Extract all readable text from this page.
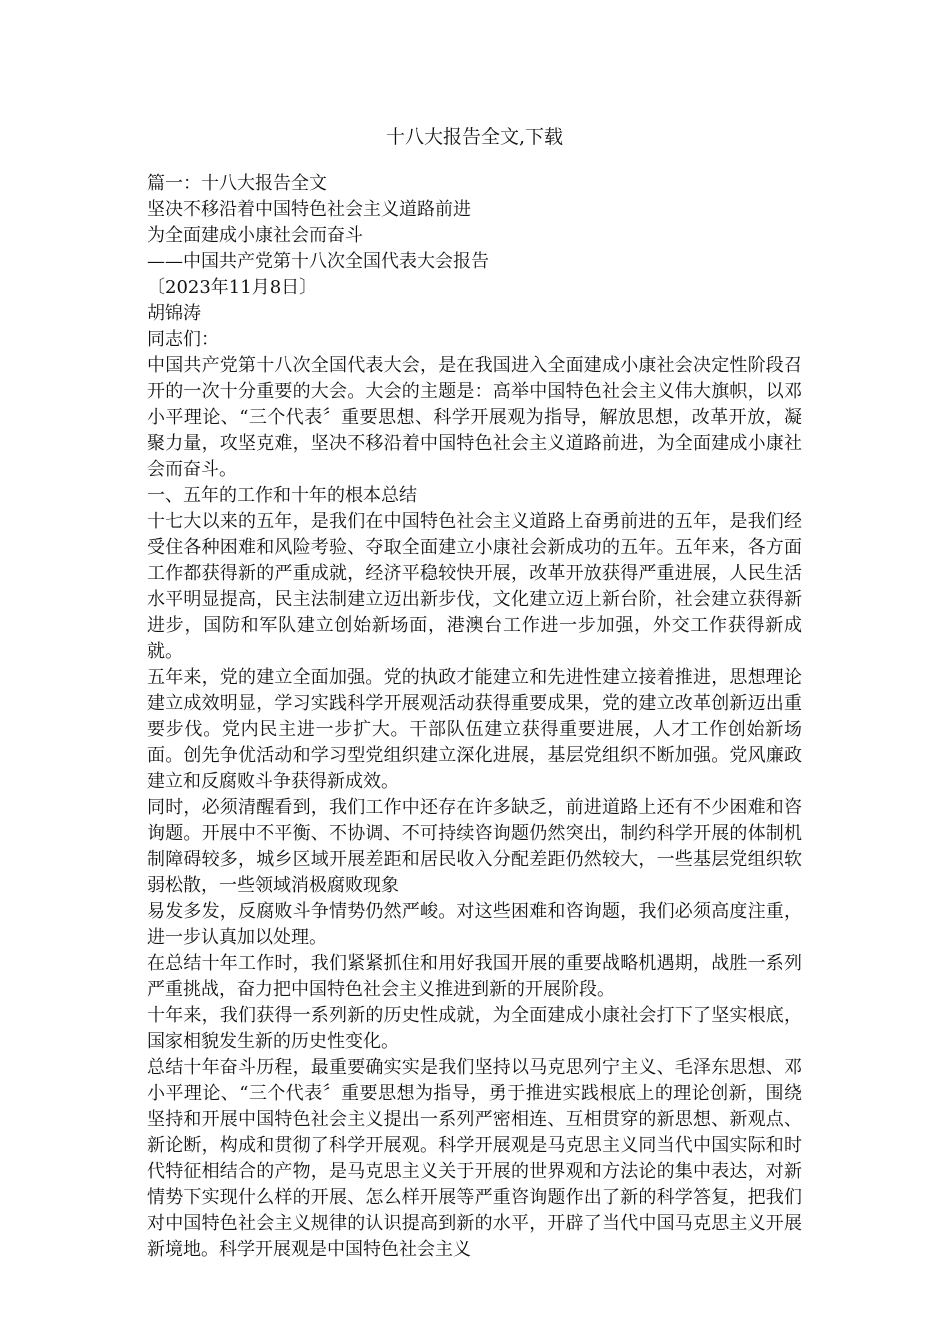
十八大报告全文,下载

篇一：十八大报告全文

坚决不移沿着中国特色社会主义道路前进

为全面建成小康社会而奋斗

——中国共产党第十八次全国代表大会报告

〔2023年11月8日〕

胡锦涛

同志们：

中国共产党第十八次全国代表大会，是在我国进入全面建成小康社会决定性阶段召开的一次十分重要的大会。大会的主题是：高举中国特色社会主义伟大旗帜，以邓小平理论、“三个代表〞重要思想、科学开展观为指导，解放思想，改革开放，凝聚力量，攻坚克难，坚决不移沿着中国特色社会主义道路前进，为全面建成小康社会而奋斗。

一、五年的工作和十年的根本总结

十七大以来的五年，是我们在中国特色社会主义道路上奋勇前进的五年，是我们经受住各种困难和风险考验、夺取全面建立小康社会新成功的五年。五年来，各方面工作都获得新的严重成就，经济平稳较快开展，改革开放获得严重进展，人民生活水平明显提高，民主法制建立迈出新步伐，文化建立迈上新台阶，社会建立获得新进步，国防和军队建立创始新场面，港澳台工作进一步加强，外交工作获得新成就。

五年来，党的建立全面加强。党的执政才能建立和先进性建立接着推进，思想理论建立成效明显，学习实践科学开展观活动获得重要成果，党的建立改革创新迈出重要步伐。党内民主进一步扩大。干部队伍建立获得重要进展，人才工作创始新场面。创先争优活动和学习型党组织建立深化进展，基层党组织不断加强。党风廉政建立和反腐败斗争获得新成效。

同时，必须清醒看到，我们工作中还存在许多缺乏，前进道路上还有不少困难和咨询题。开展中不平衡、不协调、不可持续咨询题仍然突出，制约科学开展的体制机制障碍较多，城乡区域开展差距和居民收入分配差距仍然较大，一些基层党组织软弱松散，一些领域消极腐败现象

易发多发，反腐败斗争情势仍然严峻。对这些困难和咨询题，我们必须高度注重，进一步认真加以处理。

在总结十年工作时，我们紧紧抓住和用好我国开展的重要战略机遇期，战胜一系列严重挑战，奋力把中国特色社会主义推进到新的开展阶段。

十年来，我们获得一系列新的历史性成就，为全面建成小康社会打下了坚实根底，国家相貌发生新的历史性变化。

总结十年奋斗历程，最重要确实实是我们坚持以马克思列宁主义、毛泽东思想、邓小平理论、“三个代表〞重要思想为指导，勇于推进实践根底上的理论创新，围绕坚持和开展中国特色社会主义提出一系列严密相连、互相贯穿的新思想、新观点、新论断，构成和贯彻了科学开展观。科学开展观是马克思主义同当代中国实际和时代特征相结合的产物，是马克思主义关于开展的世界观和方法论的集中表达，对新情势下实现什么样的开展、怎么样开展等严重咨询题作出了新的科学答复，把我们对中国特色社会主义规律的认识提高到新的水平，开辟了当代中国马克思主义开展新境地。科学开展观是中国特色社会主义
